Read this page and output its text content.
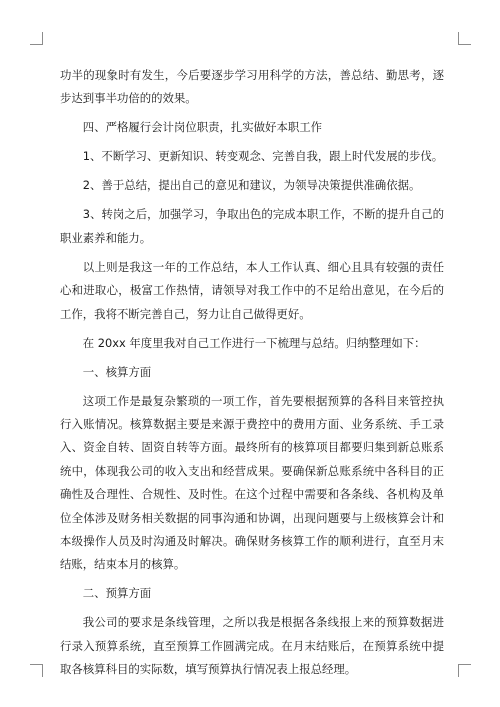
功半的现象时有发生，今后要逐步学习用科学的方法，善总结、勤思考，逐步达到事半功倍的的效果。

四、严格履行会计岗位职责，扎实做好本职工作

1、不断学习、更新知识、转变观念、完善自我，跟上时代发展的步伐。

2、善于总结，提出自己的意见和建议，为领导决策提供准确依据。

3、转岗之后，加强学习，争取出色的完成本职工作，不断的提升自己的职业素养和能力。

以上则是我这一年的工作总结，本人工作认真、细心且具有较强的责任心和进取心，极富工作热情，请领导对我工作中的不足给出意见，在今后的工作，我将不断完善自己，努力让自己做得更好。

在 20xx 年度里我对自己工作进行一下梳理与总结。归纳整理如下：

一、核算方面

这项工作是最复杂繁琐的一项工作，首先要根据预算的各科目来管控执行入账情况。核算数据主要是来源于费控中的费用方面、业务系统、手工录入、资金自转、固资自转等方面。最终所有的核算项目都要归集到新总账系统中，体现我公司的收入支出和经营成果。要确保新总账系统中各科目的正确性及合理性、合规性、及时性。在这个过程中需要和各条线、各机构及单位全体涉及财务相关数据的同事沟通和协调，出现问题要与上级核算会计和本级操作人员及时沟通及时解决。确保财务核算工作的顺利进行，直至月末结账，结束本月的核算。

二、预算方面

我公司的要求是条线管理，之所以我是根据各条线报上来的预算数据进行录入预算系统，直至预算工作圆满完成。在月末结账后，在预算系统中提取各核算科目的实际数，填写预算执行情况表上报总经理。
